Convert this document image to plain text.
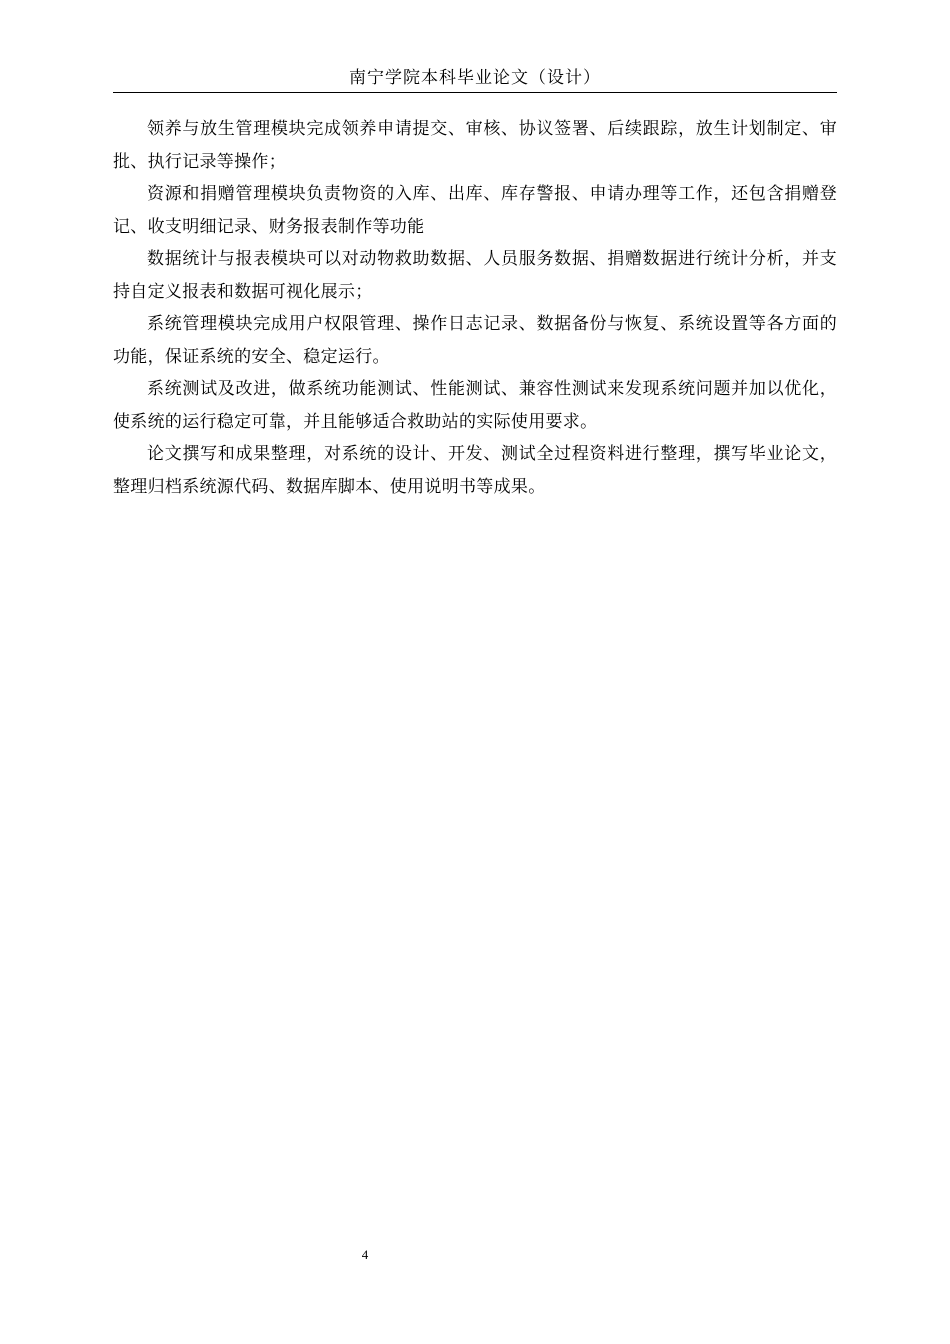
南宁学院本科毕业论文（设计）

领养与放生管理模块完成领养申请提交、审核、协议签署、后续跟踪，放生计划制定、审批、执行记录等操作；

资源和捐赠管理模块负责物资的入库、出库、库存警报、申请办理等工作，还包含捐赠登记、收支明细记录、财务报表制作等功能

数据统计与报表模块可以对动物救助数据、人员服务数据、捐赠数据进行统计分析，并支持自定义报表和数据可视化展示；

系统管理模块完成用户权限管理、操作日志记录、数据备份与恢复、系统设置等各方面的功能，保证系统的安全、稳定运行。

系统测试及改进，做系统功能测试、性能测试、兼容性测试来发现系统问题并加以优化，使系统的运行稳定可靠，并且能够适合救助站的实际使用要求。

论文撰写和成果整理，对系统的设计、开发、测试全过程资料进行整理，撰写毕业论文，整理归档系统源代码、数据库脚本、使用说明书等成果。

4
